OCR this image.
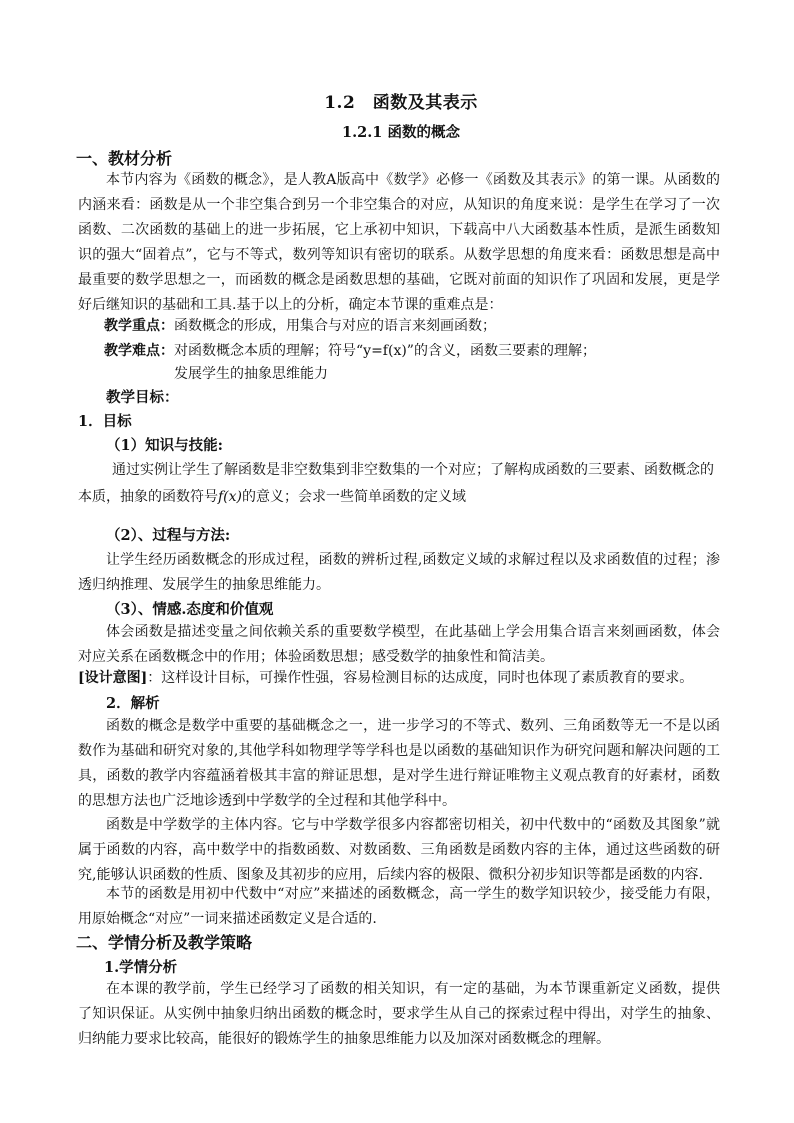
1.2　函数及其表示
1.2.1 函数的概念
一、教材分析
本节内容为《函数的概念》，是人教A版高中《数学》必修一《函数及其表示》的第一课。从函数的内涵来看：函数是从一个非空集合到另一个非空集合的对应，从知识的角度来说：是学生在学习了一次函数、二次函数的基础上的进一步拓展，它上承初中知识，下载高中八大函数基本性质，是派生函数知识的强大“固着点”，它与不等式，数列等知识有密切的联系。从数学思想的角度来看：函数思想是高中最重要的数学思想之一，而函数的概念是函数思想的基础，它既对前面的知识作了巩固和发展，更是学好后继知识的基础和工具.基于以上的分析，确定本节课的重难点是：
教学重点：函数概念的形成，用集合与对应的语言来刻画函数；
教学难点：对函数概念本质的理解；符号“y=f(x)”的含义，函数三要素的理解；
发展学生的抽象思维能力
教学目标：
1．目标
（1）知识与技能:
通过实例让学生了解函数是非空数集到非空数集的一个对应；了解构成函数的三要素、函数概念的
本质，抽象的函数符号f(x)的意义；会求一些简单函数的定义域
（2）、过程与方法:
让学生经历函数概念的形成过程，函数的辨析过程,函数定义域的求解过程以及求函数值的过程；渗透归纳推理、发展学生的抽象思维能力。
（3）、情感.态度和价值观
体会函数是描述变量之间依赖关系的重要数学模型，在此基础上学会用集合语言来刻画函数，体会对应关系在函数概念中的作用；体验函数思想；感受数学的抽象性和简洁美。
[设计意图]：这样设计目标，可操作性强，容易检测目标的达成度，同时也体现了素质教育的要求。
2．解析
函数的概念是数学中重要的基础概念之一，进一步学习的不等式、数列、三角函数等无一不是以函数作为基础和研究对象的,其他学科如物理学等学科也是以函数的基础知识作为研究问题和解决问题的工具，函数的教学内容蕴涵着极其丰富的辩证思想，是对学生进行辩证唯物主义观点教育的好素材，函数的思想方法也广泛地诊透到中学数学的全过程和其他学科中。
函数是中学数学的主体内容。它与中学数学很多内容都密切相关，初中代数中的“函数及其图象”就属于函数的内容，高中数学中的指数函数、对数函数、三角函数是函数内容的主体，通过这些函数的研究,能够认识函数的性质、图象及其初步的应用，后续内容的极限、微积分初步知识等都是函数的内容.
本节的函数是用初中代数中“对应”来描述的函数概念，高一学生的数学知识较少，接受能力有限，用原始概念“对应”一词来描述函数定义是合适的.
二、学情分析及教学策略
1.学情分析
在本课的教学前，学生已经学习了函数的相关知识，有一定的基础，为本节课重新定义函数，提供了知识保证。从实例中抽象归纳出函数的概念时，要求学生从自己的探索过程中得出，对学生的抽象、归纳能力要求比较高，能很好的锻炼学生的抽象思维能力以及加深对函数概念的理解。
